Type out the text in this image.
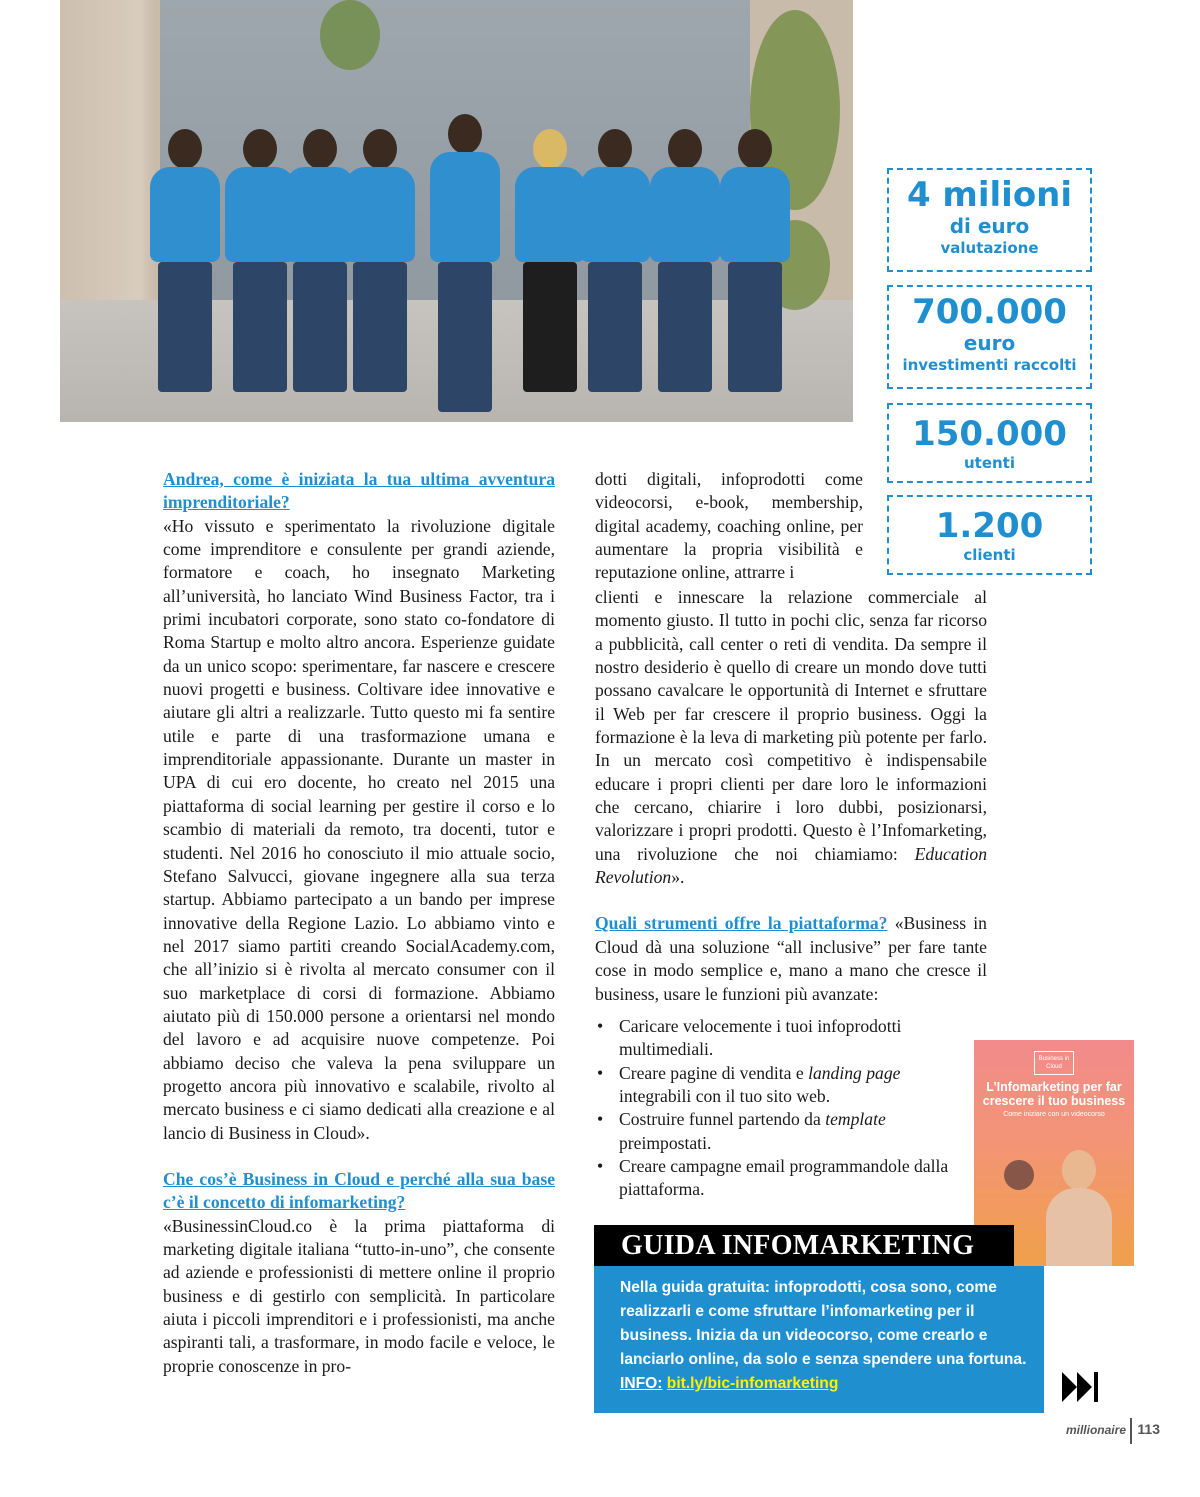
4 milioni
di euro
valutazione
700.000
euro
investimenti raccolti
150.000
utenti
1.200
clienti

Andrea, come è iniziata la tua ultima avventura imprenditoriale?

«Ho vissuto e sperimentato la rivoluzione digitale come imprenditore e consulente per grandi aziende, formatore e coach, ho insegnato Marketing all’università, ho lanciato Wind Business Factor, tra i primi incubatori corporate, sono stato co-fondatore di Roma Startup e molto altro ancora. Esperienze guidate da un unico scopo: sperimentare, far nascere e crescere nuovi progetti e business. Coltivare idee innovative e aiutare gli altri a realizzarle. Tutto questo mi fa sentire utile e parte di una trasformazione umana e imprenditoriale appassionante. Durante un master in UPA di cui ero docente, ho creato nel 2015 una piattaforma di social learning per gestire il corso e lo scambio di materiali da remoto, tra docenti, tutor e studenti. Nel 2016 ho conosciuto il mio attuale socio, Stefano Salvucci, giovane ingegnere alla sua terza startup. Abbiamo partecipato a un bando per imprese innovative della Regione Lazio. Lo abbiamo vinto e nel 2017 siamo partiti creando SocialAcademy.com, che all’inizio si è rivolta al mercato consumer con il suo marketplace di corsi di formazione. Abbiamo aiutato più di 150.000 persone a orientarsi nel mondo del lavoro e ad acquisire nuove competenze. Poi abbiamo deciso che valeva la pena sviluppare un progetto ancora più innovativo e scalabile, rivolto al mercato business e ci siamo dedicati alla creazione e al lancio di Business in Cloud».

Che cos’è Business in Cloud e perché alla sua base c’è il concetto di infomarketing?

«BusinessinCloud.co è la prima piattaforma di marketing digitale italiana “tutto-in-uno”, che consente ad aziende e professionisti di mettere online il proprio business e di gestirlo con semplicità. In particolare aiuta i piccoli imprenditori e i professionisti, ma anche aspiranti tali, a trasformare, in modo facile e veloce, le proprie conoscenze in pro-

dotti digitali, infoprodotti come videocorsi, e-book, membership, digital academy, coaching online, per aumentare la propria visibilità e reputazione online, attrarre i

clienti e innescare la relazione commerciale al momento giusto. Il tutto in pochi clic, senza far ricorso a pubblicità, call center o reti di vendita. Da sempre il nostro desiderio è quello di creare un mondo dove tutti possano cavalcare le opportunità di Internet e sfruttare il Web per far crescere il proprio business. Oggi la formazione è la leva di marketing più potente per farlo. In un mercato così competitivo è indispensabile educare i propri clienti per dare loro le informazioni che cercano, chiarire i loro dubbi, posizionarsi, valorizzare i propri prodotti. Questo è l’Infomarketing, una rivoluzione che noi chiamiamo: Education Revolution».

Quali strumenti offre la piattaforma? «Business in Cloud dà una soluzione “all inclusive” per fare tante cose in modo semplice e, mano a mano che cresce il business, usare le funzioni più avanzate:

• Caricare velocemente i tuoi infoprodotti multimediali.
• Creare pagine di vendita e landing page integrabili con il tuo sito web.
• Costruire funnel partendo da template preimpostati.
• Creare campagne email programmandole dalla piattaforma.
Business in Cloud
L’Infomarketing per far crescere il tuo business
Come iniziare con un videocorso
GUIDA INFOMARKETING
Nella guida gratuita: infoprodotti, cosa sono, come realizzarli e come sfruttare l’infomarketing per il business. Inizia da un videocorso, come crearlo e lanciarlo online, da solo e senza spendere una fortuna. INFO: bit.ly/bic-infomarketing
millionaire 113
